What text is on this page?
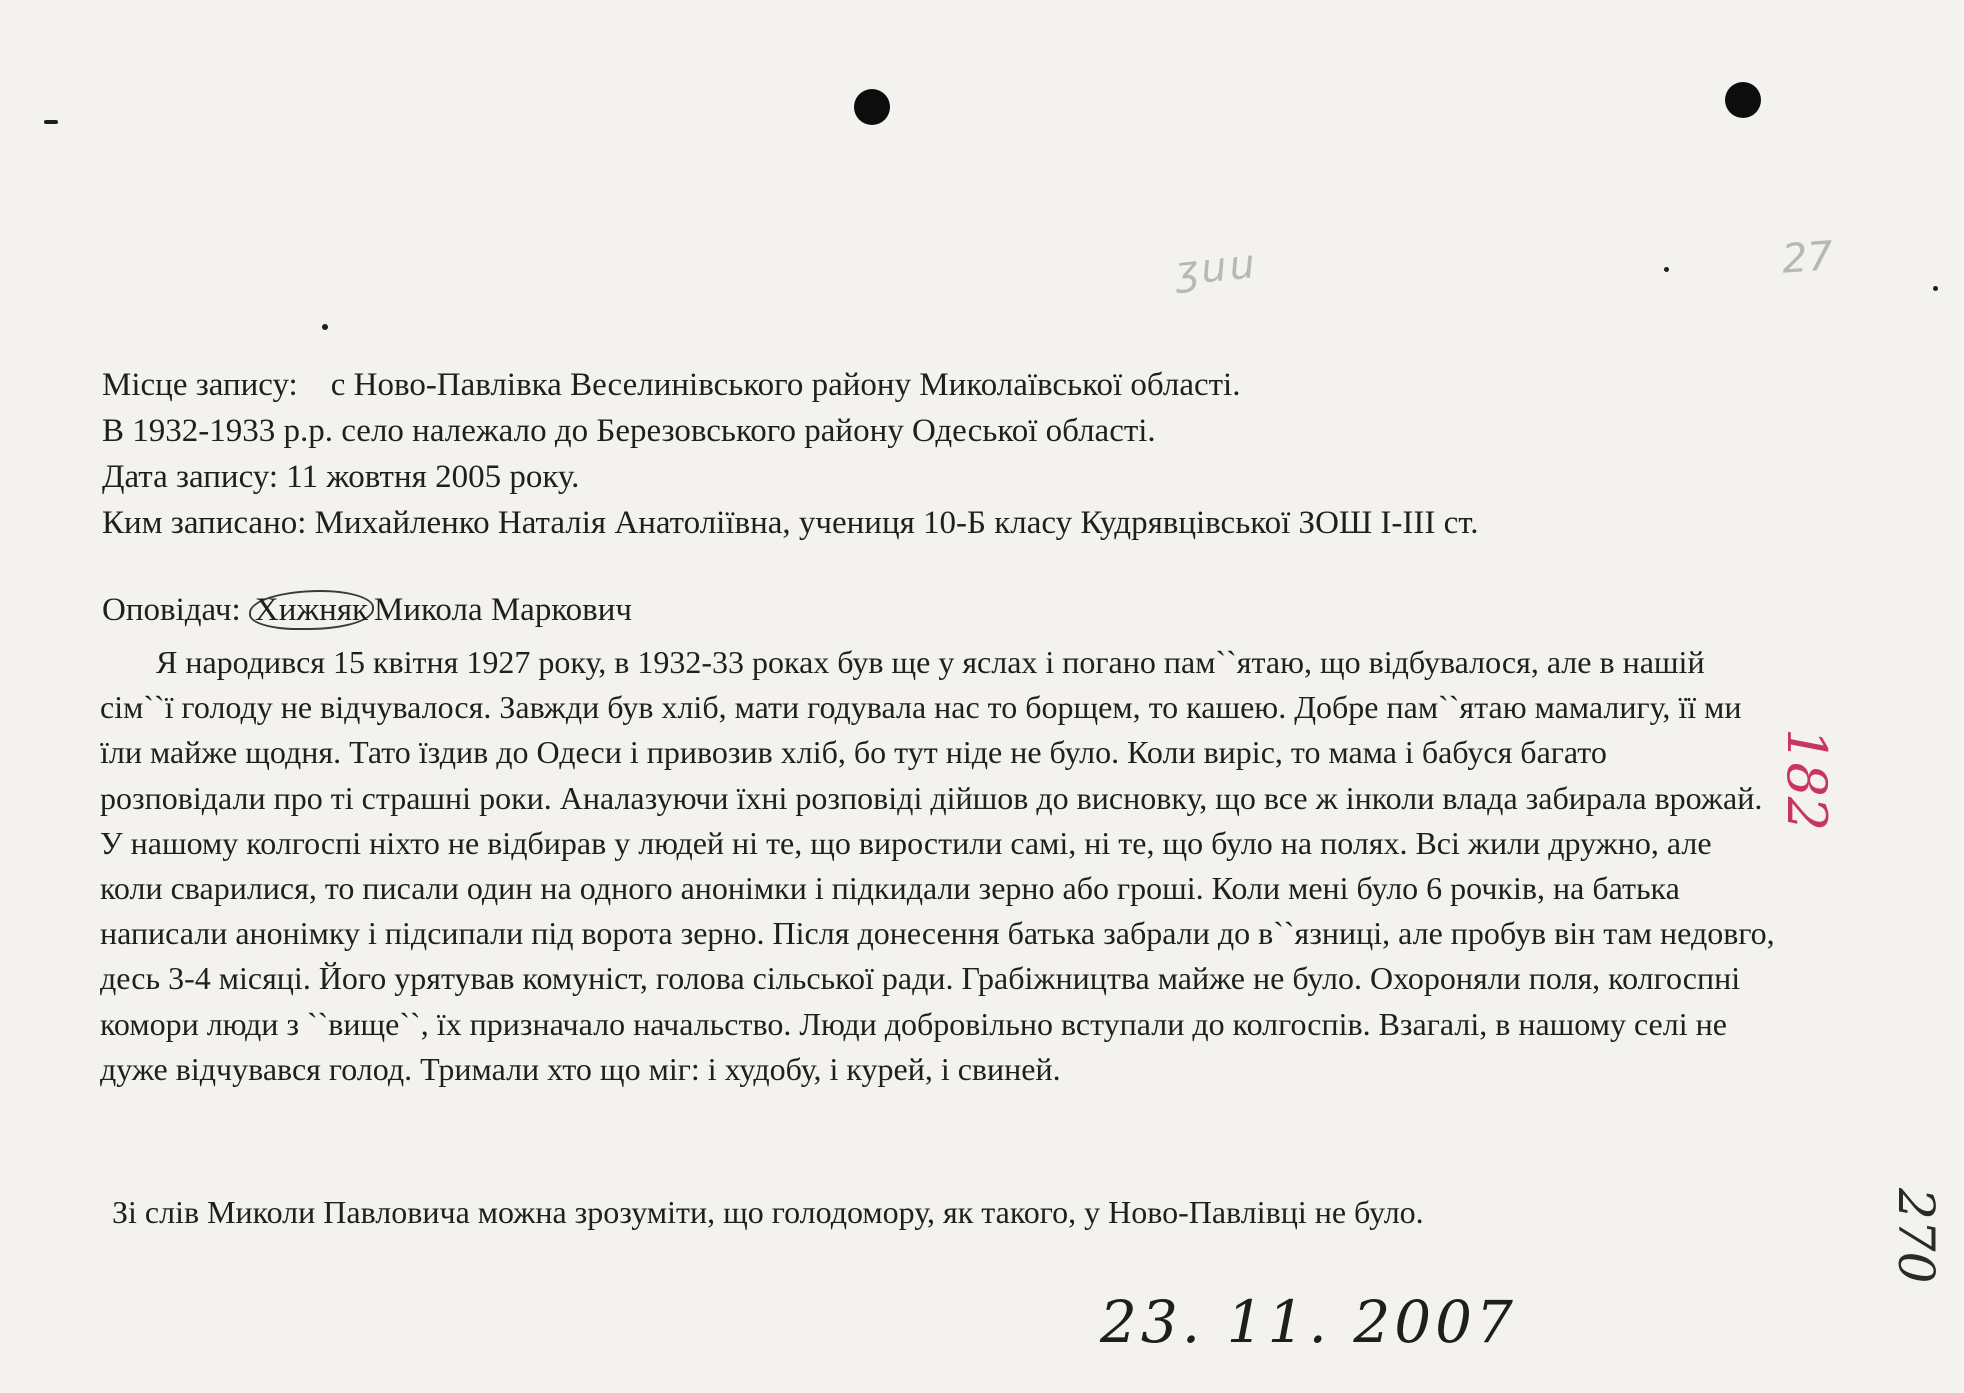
ʒuu	27
182
270
Місце запису: с Ново-Павлівка Веселинівського району Миколаївської області.
В 1932-1933 р.р. село належало до Березовського району Одеської області.
Дата запису: 11 жовтня 2005 року.
Ким записано: Михайленко Наталія Анатоліївна, учениця 10-Б класу Кудрявцівської ЗОШ І-ІІІ ст.
Оповідач: Хижняк Микола Маркович

Я народився 15 квітня 1927 року, в 1932-33 роках був ще у яслах і погано пам``ятаю, що відбувалося, але в нашій сім``ї голоду не відчувалося. Завжди був хліб, мати годувала нас то борщем, то кашею. Добре пам``ятаю мамалигу, її ми їли майже щодня. Тато їздив до Одеси і привозив хліб, бо тут ніде не було. Коли виріс, то мама і бабуся багато розповідали про ті страшні роки. Аналазуючи їхні розповіді дійшов до висновку, що все ж інколи влада забирала врожай. У нашому колгоспі ніхто не відбирав у людей ні те, що виростили самі, ні те, що було на полях. Всі жили дружно, але коли сварилися, то писали один на одного анонімки і підкидали зерно або гроші. Коли мені було 6 рочків, на батька написали анонімку і підсипали під ворота зерно. Після донесення батька забрали до в``язниці, але пробув він там недовго, десь 3-4 місяці. Його урятував комуніст, голова сільської ради. Грабіжництва майже не було. Охороняли поля, колгоспні комори люди з ``вище``, їх призначало начальство. Люди добровільно вступали до колгоспів. Взагалі, в нашому селі не дуже відчувався голод. Тримали хто що міг: і худобу, і курей, і свиней.

Зі слів Миколи Павловича можна зрозуміти, що голодомору, як такого, у Ново-Павлівці не було.
23. 11. 2007
